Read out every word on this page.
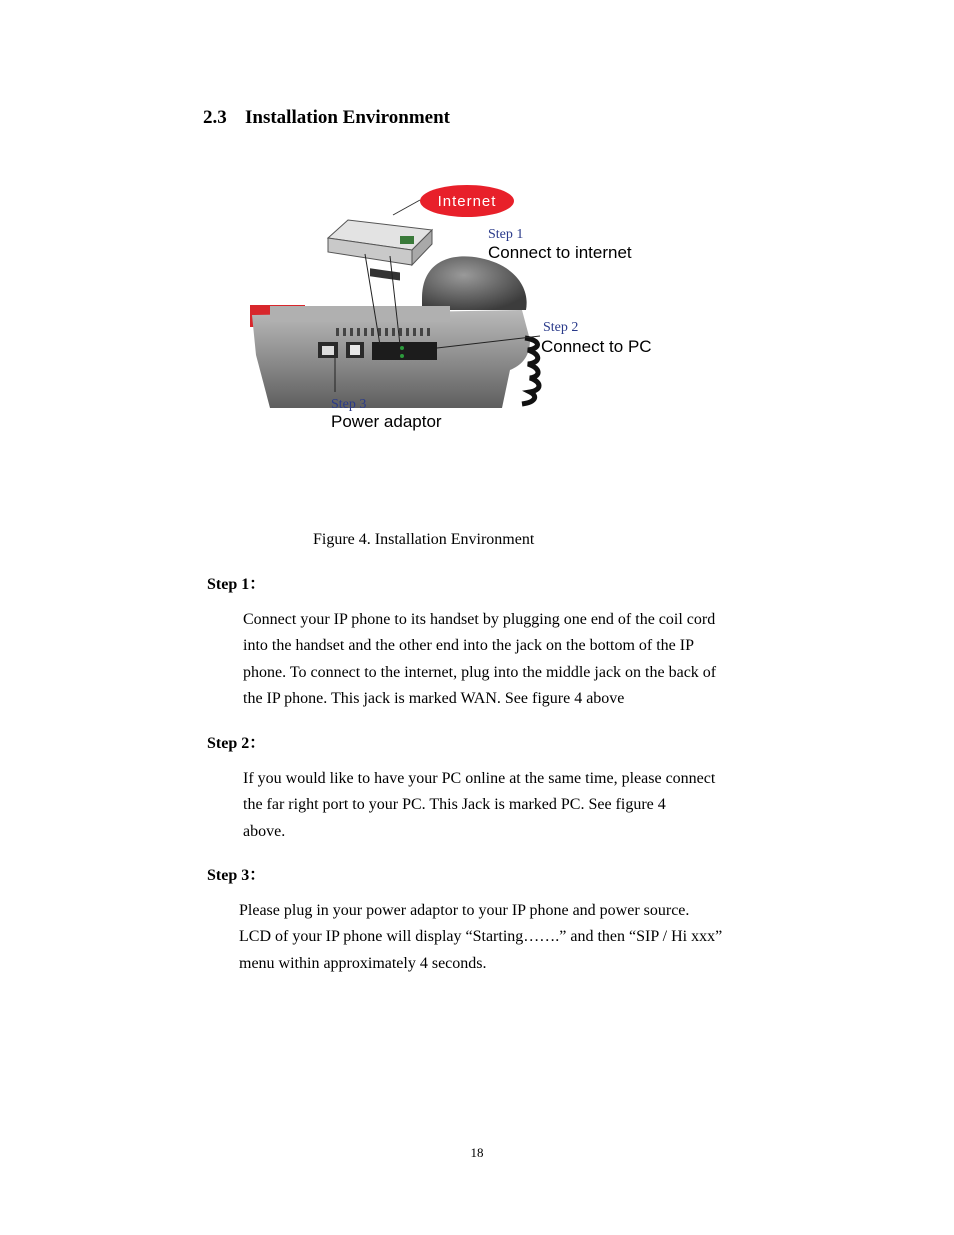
2.3 Installation Environment
Internet
Step 1
Connect to internet
Step 2
Connect to PC
Step 3
Power adaptor
Figure 4. Installation Environment
Step 1：
Connect your IP phone to its handset by plugging one end of the coil cord
into the handset and the other end into the jack on the bottom of the IP
phone. To connect to the internet, plug into the middle jack on the back of
the IP phone. This jack is marked WAN. See figure 4 above
Step 2：
If you would like to have your PC online at the same time, please connect
the far right port to your PC. This Jack is marked PC. See figure 4
above.
Step 3：
Please plug in your power adaptor to your IP phone and power source.
LCD of your IP phone will display “Starting…….” and then “SIP / Hi xxx”
menu within approximately 4 seconds.
18
